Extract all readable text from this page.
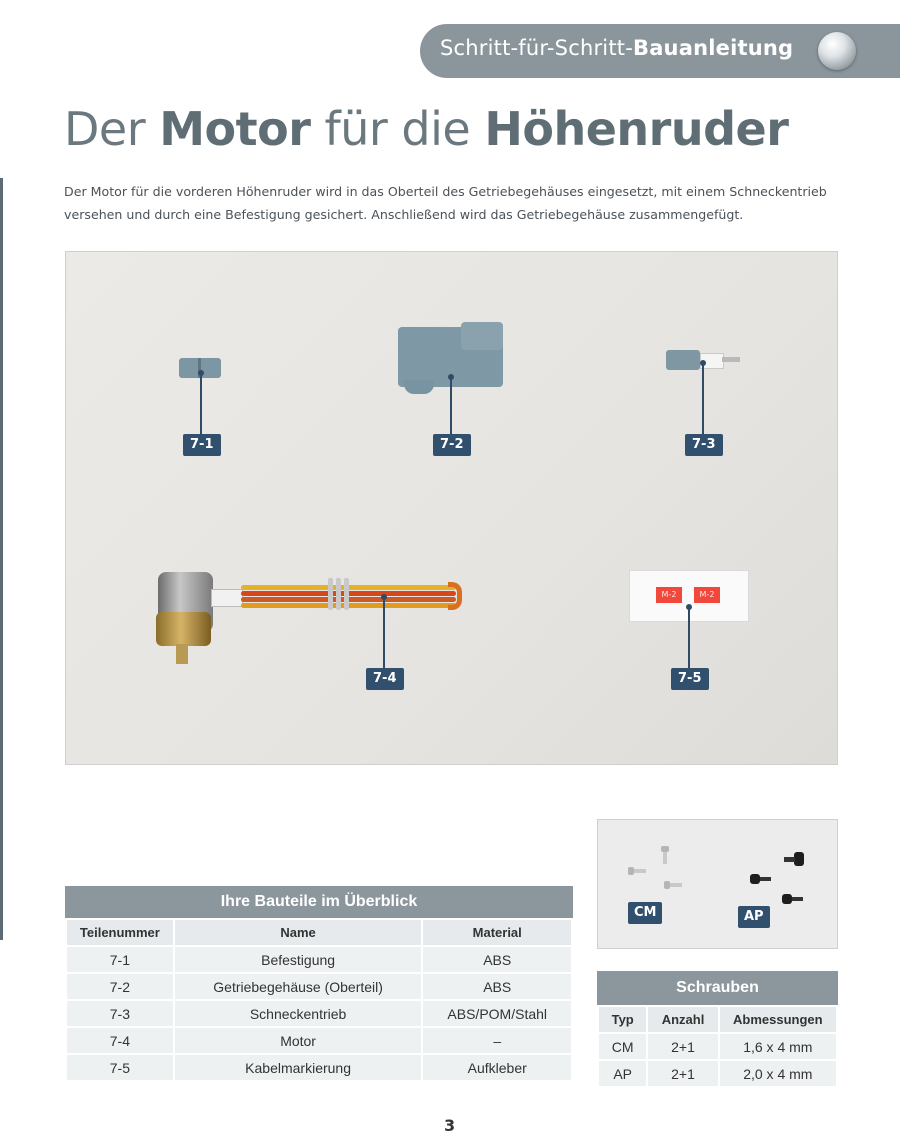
Schritt-für-Schritt-Bauanleitung
Der Motor für die Höhenruder
Der Motor für die vorderen Höhenruder wird in das Oberteil des Getriebegehäuses eingesetzt, mit einem Schneckentrieb versehen und durch eine Befestigung gesichert. Anschließend wird das Getriebegehäuse zusammengefügt.
7-1	7-2	7-3
7-4
M-2	M-2
7-5
CM	AP
Ihre Bauteile im Überblick
Teilenummer	Name	Material
7-1	Befestigung	ABS
7-2	Getriebegehäuse (Oberteil)	ABS
7-3	Schneckentrieb	ABS/POM/Stahl
7-4	Motor	–
7-5	Kabelmarkierung	Aufkleber
Schrauben
Typ	Anzahl	Abmessungen
CM	2+1	1,6 x 4 mm
AP	2+1	2,0 x 4 mm
3
